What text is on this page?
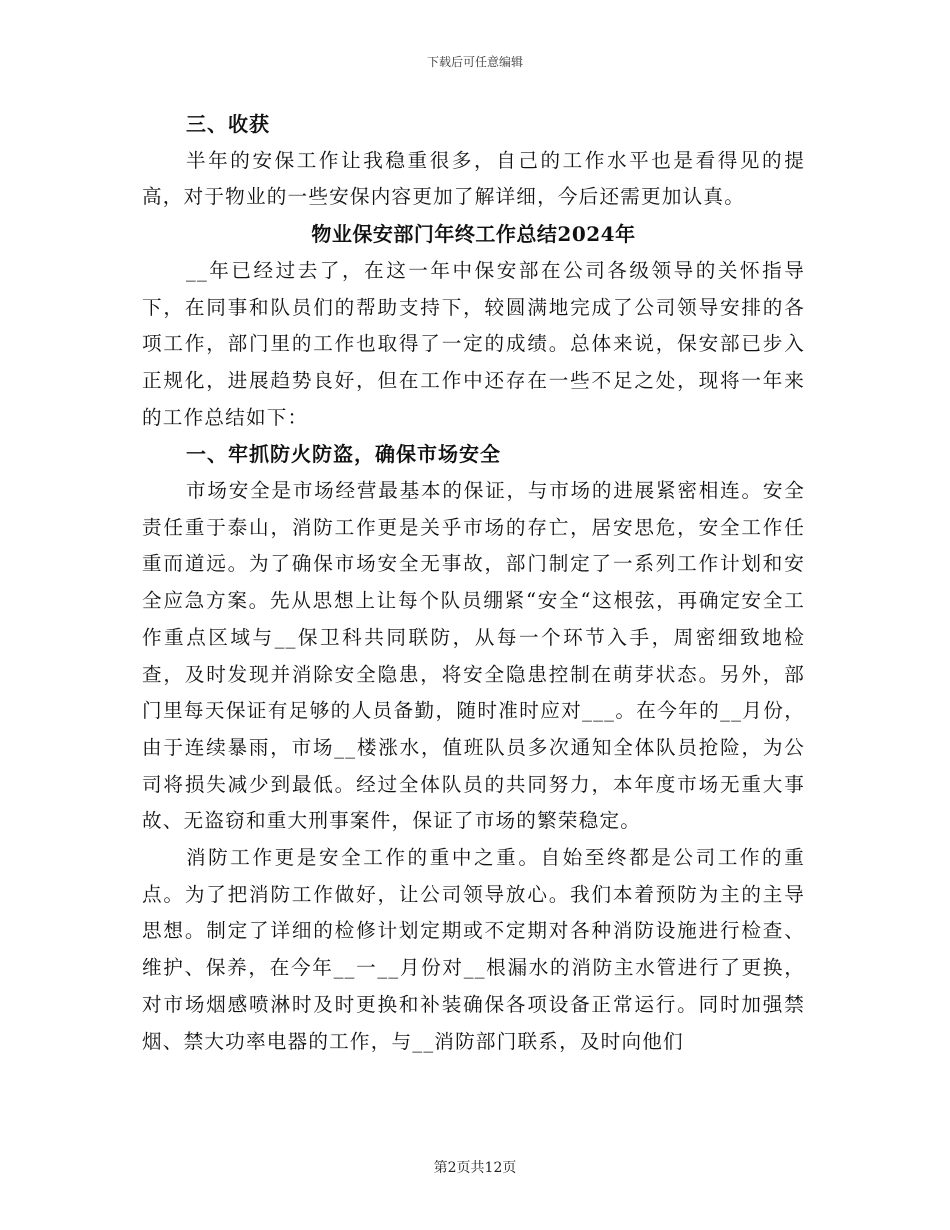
下载后可任意编辑

三、收获

半年的安保工作让我稳重很多，自己的工作水平也是看得见的提高，对于物业的一些安保内容更加了解详细，今后还需更加认真。

物业保安部门年终工作总结2024年

__年已经过去了，在这一年中保安部在公司各级领导的关怀指导下，在同事和队员们的帮助支持下，较圆满地完成了公司领导安排的各项工作，部门里的工作也取得了一定的成绩。总体来说，保安部已步入正规化，进展趋势良好，但在工作中还存在一些不足之处，现将一年来的工作总结如下：

一、牢抓防火防盗，确保市场安全

市场安全是市场经营最基本的保证，与市场的进展紧密相连。安全责任重于泰山，消防工作更是关乎市场的存亡，居安思危，安全工作任重而道远。为了确保市场安全无事故，部门制定了一系列工作计划和安全应急方案。先从思想上让每个队员绷紧“安全“这根弦，再确定安全工作重点区域与__保卫科共同联防，从每一个环节入手，周密细致地检查，及时发现并消除安全隐患，将安全隐患控制在萌芽状态。另外，部门里每天保证有足够的人员备勤，随时准时应对___。在今年的__月份，由于连续暴雨，市场__楼涨水，值班队员多次通知全体队员抢险，为公司将损失减少到最低。经过全体队员的共同努力，本年度市场无重大事故、无盗窃和重大刑事案件，保证了市场的繁荣稳定。

消防工作更是安全工作的重中之重。自始至终都是公司工作的重点。为了把消防工作做好，让公司领导放心。我们本着预防为主的主导思想。制定了详细的检修计划定期或不定期对各种消防设施进行检查、维护、保养，在今年__一__月份对__根漏水的消防主水管进行了更换，对市场烟感喷淋时及时更换和补装确保各项设备正常运行。同时加强禁烟、禁大功率电器的工作，与__消防部门联系，及时向他们

第2页共12页
